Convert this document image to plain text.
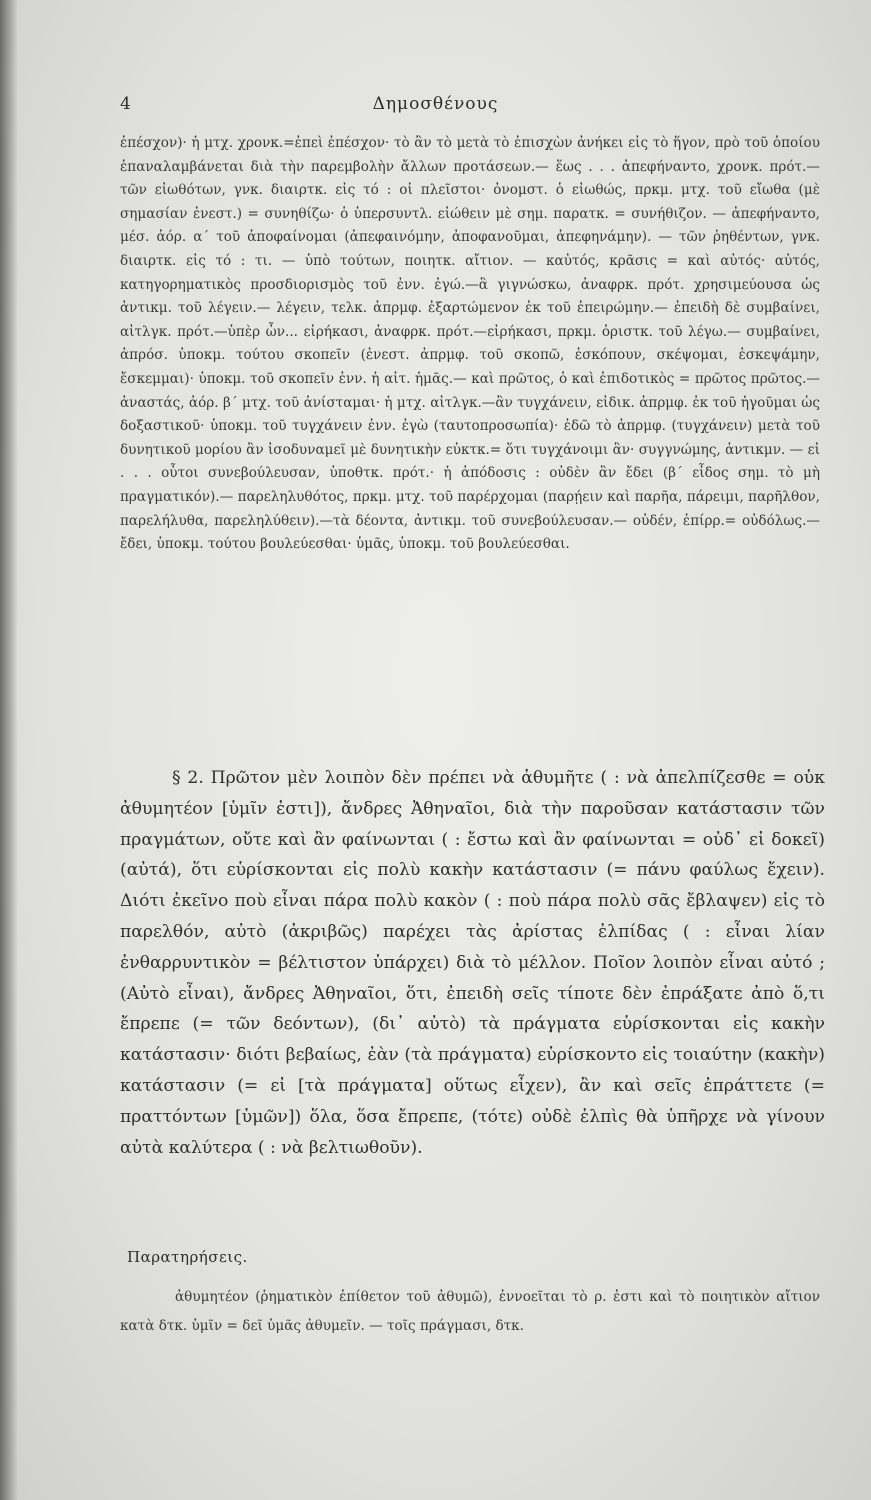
Δημοσθένους
4

ἐπέσχον)· ἡ μτχ. χρονκ.=ἐπεὶ ἐπέσχον· τὸ ἂν τὸ μετὰ τὸ ἐπισχὼν ἀνήκει εἰς τὸ ἥγον, πρὸ τοῦ ὁποίου ἐπαναλαμβάνεται διὰ τὴν παρεμβολὴν ἄλλων προτάσεων.— ἕως . . . ἀπεφήναντο, χρονκ. πρότ.— τῶν εἰωθότων, γνκ. διαιρτκ. εἰς τό : οἱ πλεῖστοι· ὀνομστ. ὁ εἰωθώς, πρκμ. μτχ. τοῦ εἴωθα (μὲ σημασίαν ἐνεστ.) = συνηθίζω· ὁ ὑπερσυντλ. εἰώθειν μὲ σημ. παρατκ. = συνήθιζον. — ἀπεφήναντο, μέσ. ἀόρ. α΄ τοῦ ἀποφαίνομαι (ἀπεφαινόμην, ἀποφανοῦμαι, ἀπεφηνάμην). — τῶν ῥηθέντων, γνκ. διαιρτκ. εἰς τό : τι. — ὑπὸ τούτων, ποιητκ. αἴτιον. — καὐτός, κρᾶσις = καὶ αὐτός· αὐτός, κατηγορηματικὸς προσδιορισμὸς τοῦ ἐνν. ἐγώ.—ἃ γιγνώσκω, ἀναφρκ. πρότ. χρησιμεύουσα ὡς ἀντικμ. τοῦ λέγειν.— λέγειν, τελκ. ἀπρμφ. ἐξαρτώμενον ἐκ τοῦ ἐπειρώμην.— ἐπειδὴ δὲ συμβαίνει, αἰτλγκ. πρότ.—ὑπὲρ ὧν... εἰρήκασι, ἀναφρκ. πρότ.—εἰρήκασι, πρκμ. ὁριστκ. τοῦ λέγω.— συμβαίνει, ἀπρόσ. ὑποκμ. τούτου σκοπεῖν (ἐνεστ. ἀπρμφ. τοῦ σκοπῶ, ἐσκόπουν, σκέψομαι, ἐσκεψάμην, ἔσκεμμαι)· ὑποκμ. τοῦ σκοπεῖν ἐνν. ἡ αἰτ. ἡμᾶς.— καὶ πρῶτος, ὁ καὶ ἐπιδοτικὸς = πρῶτος πρῶτος.—ἀναστάς, ἀόρ. β΄ μτχ. τοῦ ἀνίσταμαι· ἡ μτχ. αἰτλγκ.—ἂν τυγχάνειν, εἰδικ. ἀπρμφ. ἐκ τοῦ ἡγοῦμαι ὡς δοξαστικοῦ· ὑποκμ. τοῦ τυγχάνειν ἐνν. ἐγὼ (ταυτοπροσωπία)· ἐδῶ τὸ ἀπρμφ. (τυγχάνειν) μετὰ τοῦ δυνητικοῦ μορίου ἂν ἰσοδυναμεῖ μὲ δυνητικὴν εὐκτκ.= ὅτι τυγχάνοιμι ἂν· συγγνώμης, ἀντικμν. — εἰ . . . οὗτοι συνεβούλευσαν, ὑποθτκ. πρότ.· ἡ ἀπόδοσις : οὐδὲν ἂν ἔδει (β΄ εἶδος σημ. τὸ μὴ πραγματικόν).— παρεληλυθότος, πρκμ. μτχ. τοῦ παρέρχομαι (παρῄειν καὶ παρῆα, πάρειμι, παρῆλθον, παρελήλυθα, παρεληλύθειν).—τὰ δέοντα, ἀντικμ. τοῦ συνεβούλευσαν.— οὐδέν, ἐπίρρ.= οὐδόλως.— ἔδει, ὑποκμ. τούτου βουλεύεσθαι· ὑμᾶς, ὑποκμ. τοῦ βουλεύεσθαι.

§ 2. Πρῶτον μὲν λοιπὸν δὲν πρέπει νὰ ἀθυμῆτε ( : νὰ ἀπελπίζεσθε = οὐκ ἀθυμητέον [ὑμῖν ἐστι]), ἄνδρες Ἀθηναῖοι, διὰ τὴν παροῦσαν κατάστασιν τῶν πραγμάτων, οὔτε καὶ ἂν φαίνωνται ( : ἔστω καὶ ἂν φαίνωνται = οὐδ᾿ εἰ δοκεῖ) (αὐτά), ὅτι εὑρίσκονται εἰς πολὺ κακὴν κατάστασιν (= πάνυ φαύλως ἔχειν). Διότι ἐκεῖνο ποὺ εἶναι πάρα πολὺ κακὸν ( : ποὺ πάρα πολὺ σᾶς ἔβλαψεν) εἰς τὸ παρελθόν, αὐτὸ (ἀκριβῶς) παρέχει τὰς ἀρίστας ἐλπίδας ( : εἶναι λίαν ἐνθαρρυντικὸν = βέλτιστον ὑπάρχει) διὰ τὸ μέλλον. Ποῖον λοιπὸν εἶναι αὐτό ; (Αὐτὸ εἶναι), ἄνδρες Ἀθηναῖοι, ὅτι, ἐπειδὴ σεῖς τίποτε δὲν ἐπράξατε ἀπὸ ὅ,τι ἔπρεπε (= τῶν δεόντων), (δι᾿ αὐτὸ) τὰ πράγματα εὑρίσκονται εἰς κακὴν κατάστασιν· διότι βεβαίως, ἐὰν (τὰ πράγματα) εὑρίσκοντο εἰς τοιαύτην (κακὴν) κατάστασιν (= εἰ [τὰ πράγματα] οὕτως εἶχεν), ἂν καὶ σεῖς ἐπράττετε (= πραττόντων [ὑμῶν]) ὅλα, ὅσα ἔπρεπε, (τότε) οὐδὲ ἐλπὶς θὰ ὑπῆρχε νὰ γίνουν αὐτὰ καλύτερα ( : νὰ βελτιωθοῦν).

Παρατηρήσεις.

ἀθυμητέον (ῥηματικὸν ἐπίθετον τοῦ ἀθυμῶ), ἐννοεῖται τὸ ρ. ἐστι καὶ τὸ ποιητικὸν αἴτιον κατὰ δτκ. ὑμῖν = δεῖ ὑμᾶς ἀθυμεῖν. — τοῖς πράγμασι, δτκ.
